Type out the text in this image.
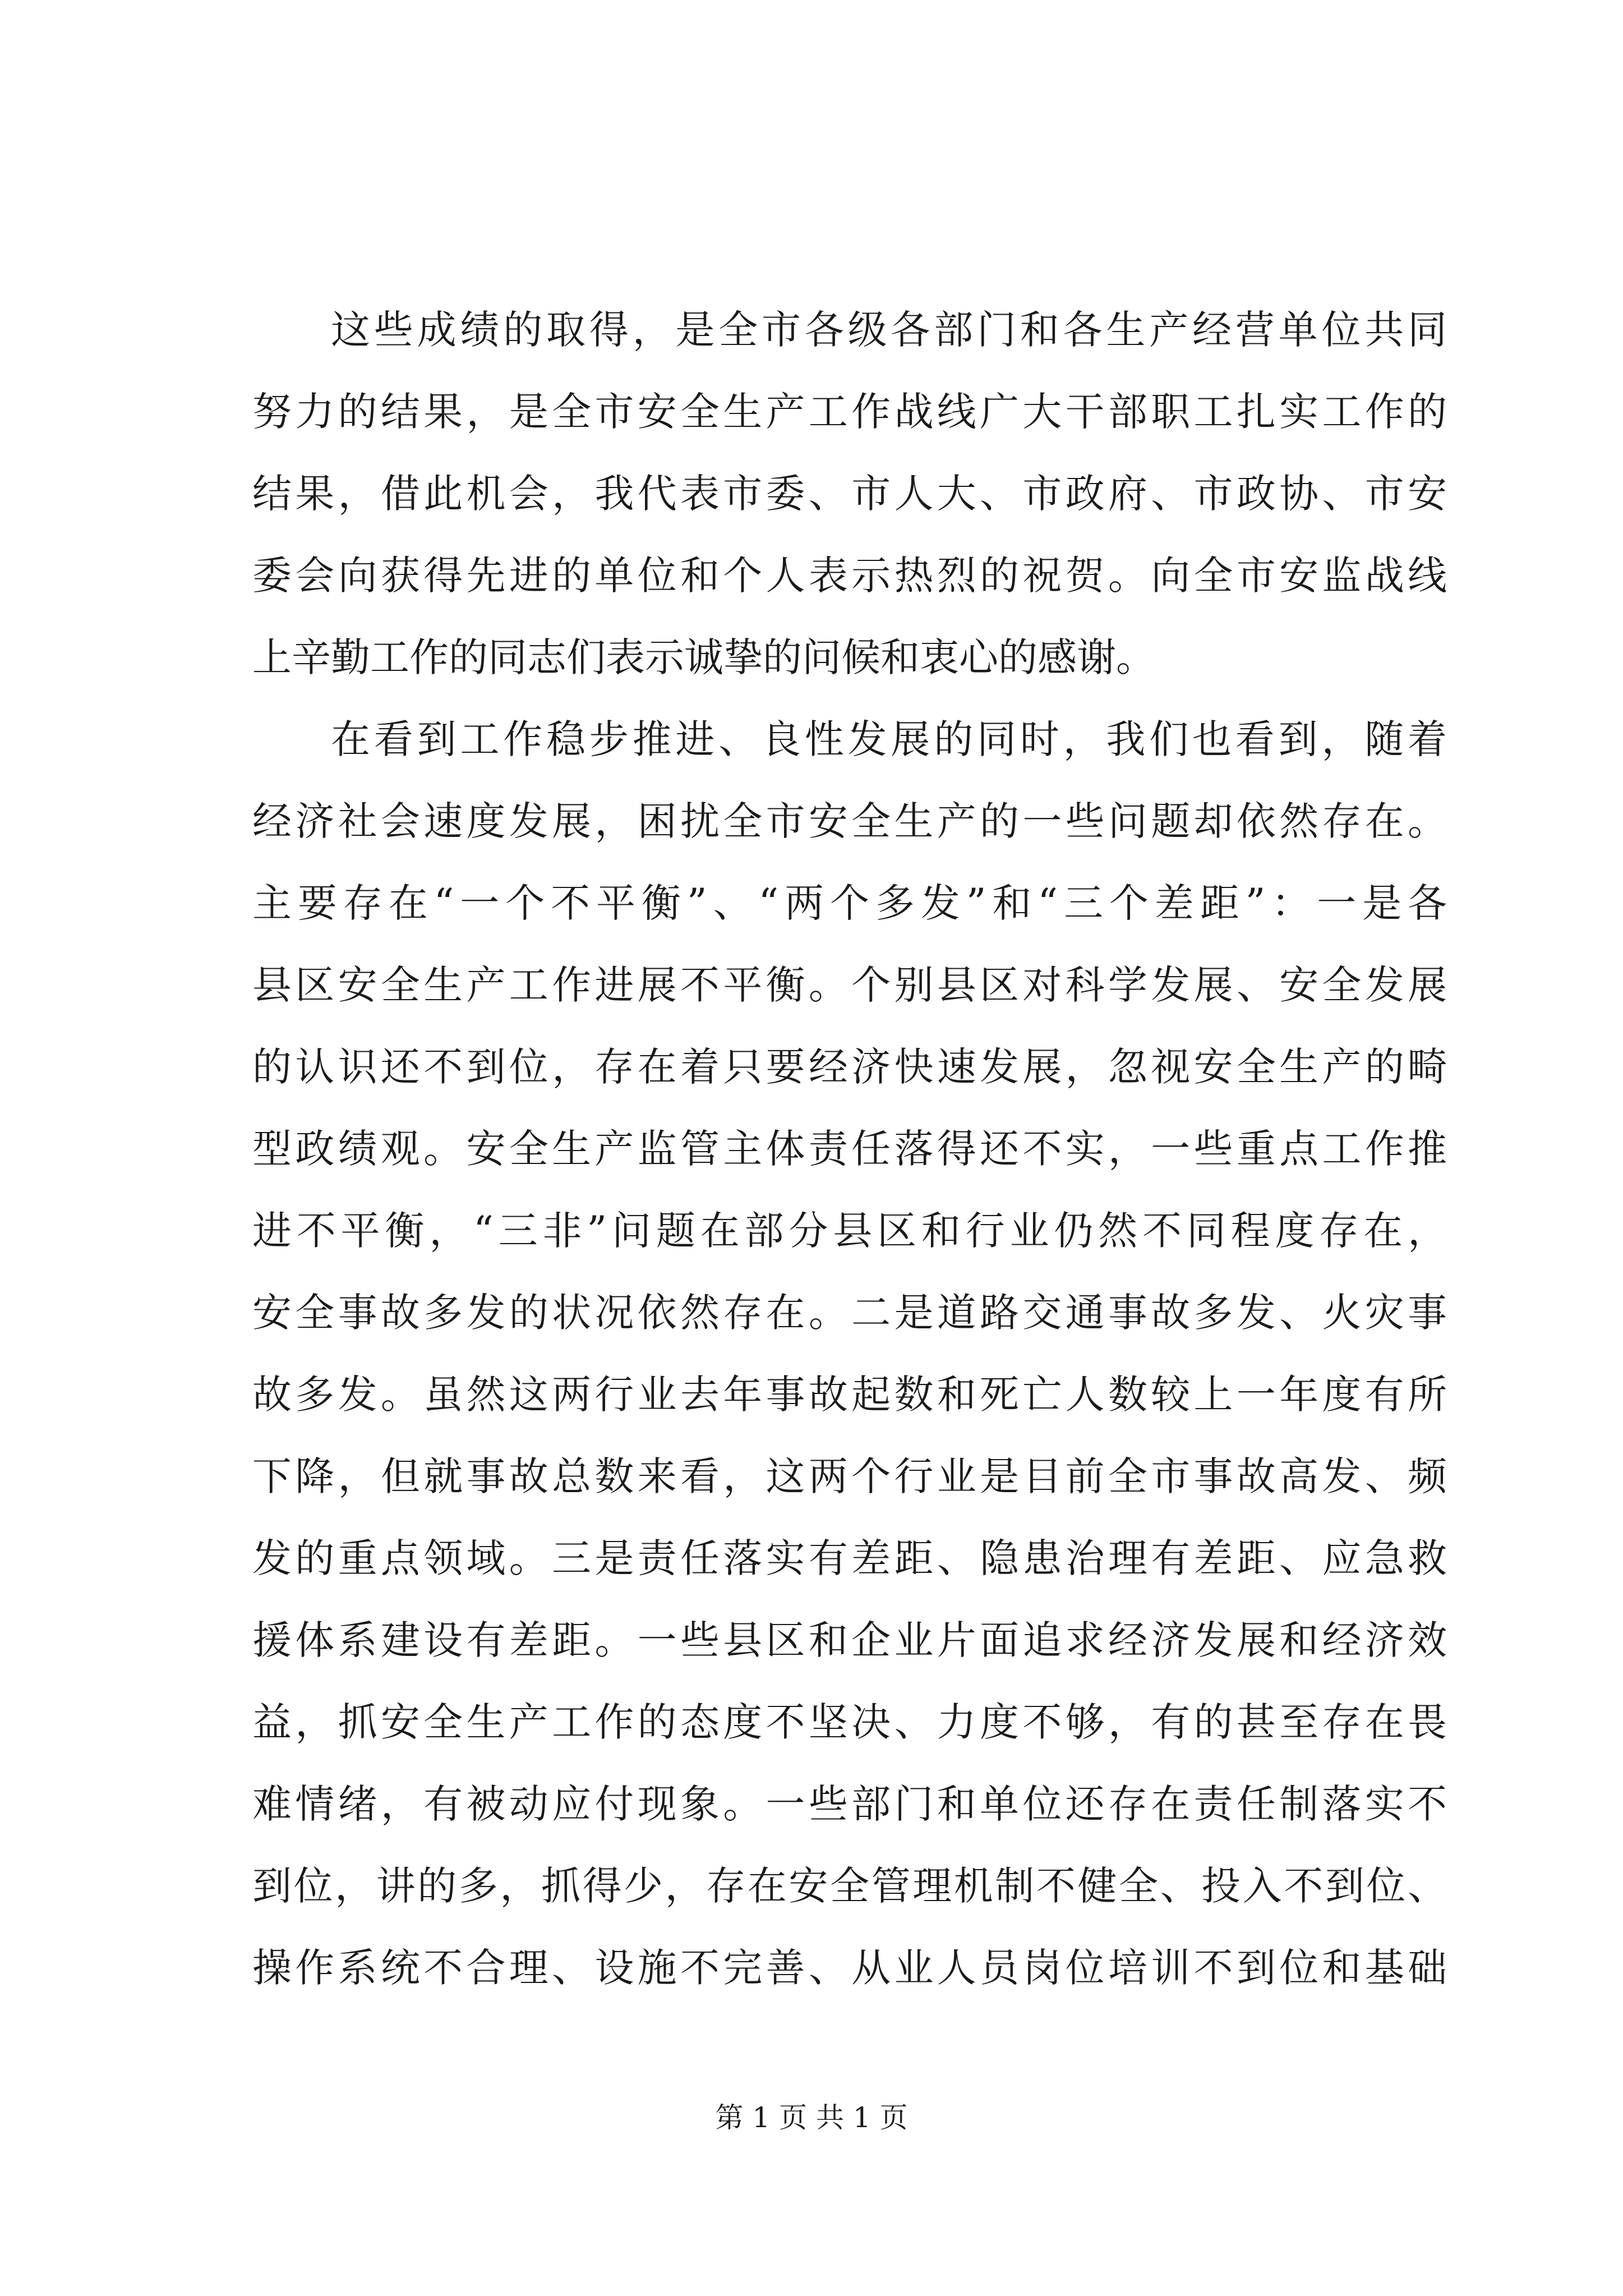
这些成绩的取得，是全市各级各部门和各生产经营单位共同
努力的结果，是全市安全生产工作战线广大干部职工扎实工作的
结果，借此机会，我代表市委、市人大、市政府、市政协、市安
委会向获得先进的单位和个人表示热烈的祝贺。向全市安监战线
上辛勤工作的同志们表示诚挚的问候和衷心的感谢。
在看到工作稳步推进、良性发展的同时，我们也看到，随着
经济社会速度发展，困扰全市安全生产的一些问题却依然存在。
主要存在“一个不平衡”、“两个多发”和“三个差距”：一是各
县区安全生产工作进展不平衡。个别县区对科学发展、安全发展
的认识还不到位，存在着只要经济快速发展，忽视安全生产的畸
型政绩观。安全生产监管主体责任落得还不实，一些重点工作推
进不平衡，“三非”问题在部分县区和行业仍然不同程度存在，
安全事故多发的状况依然存在。二是道路交通事故多发、火灾事
故多发。虽然这两行业去年事故起数和死亡人数较上一年度有所
下降，但就事故总数来看，这两个行业是目前全市事故高发、频
发的重点领域。三是责任落实有差距、隐患治理有差距、应急救
援体系建设有差距。一些县区和企业片面追求经济发展和经济效
益，抓安全生产工作的态度不坚决、力度不够，有的甚至存在畏
难情绪，有被动应付现象。一些部门和单位还存在责任制落实不
到位，讲的多，抓得少，存在安全管理机制不健全、投入不到位、
操作系统不合理、设施不完善、从业人员岗位培训不到位和基础
第 1 页 共 1 页
